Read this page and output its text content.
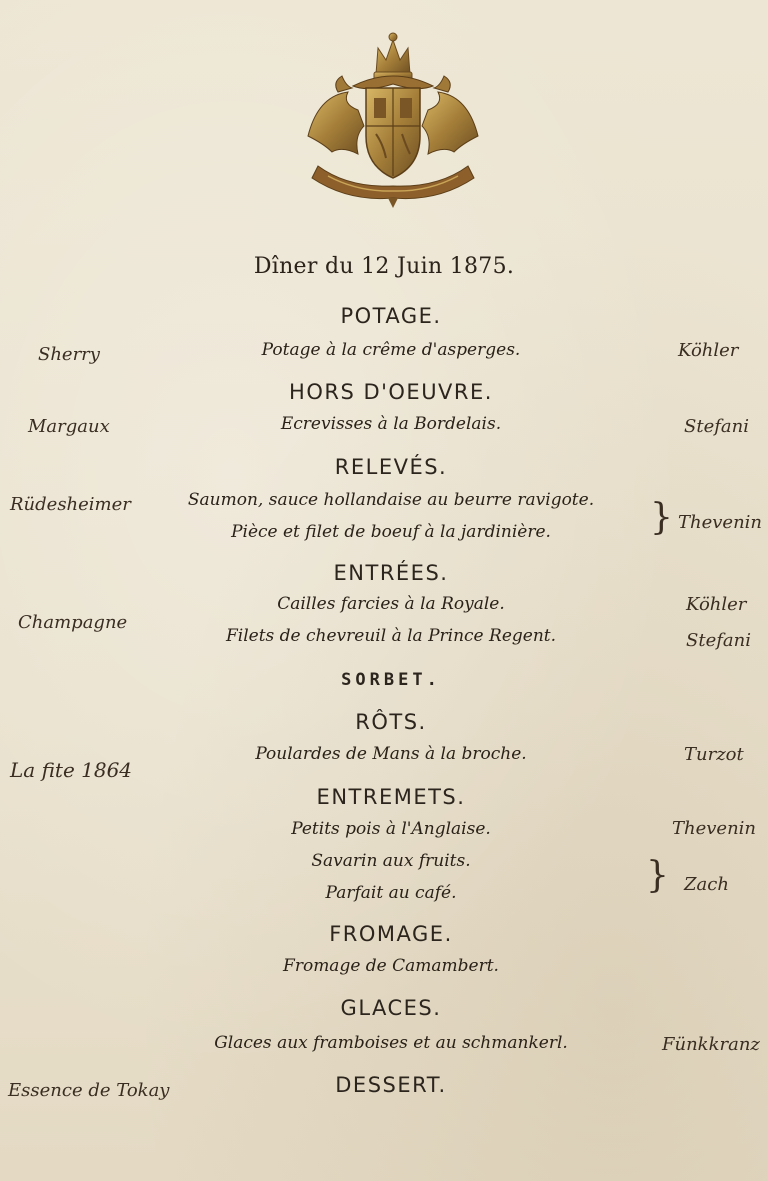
Dîner du 12 Juin 1875.
POTAGE.
Potage à la crême d'asperges.
HORS D'OEUVRE.
Ecrevisses à la Bordelais.
RELEVÉS.
Saumon, sauce hollandaise au beurre ravigote.
Pièce et filet de boeuf à la jardinière.
ENTRÉES.
Cailles farcies à la Royale.
Filets de chevreuil à la Prince Regent.
SORBET.
RÔTS.
Poulardes de Mans à la broche.
ENTREMETS.
Petits pois à l'Anglaise.
Savarin aux fruits.
Parfait au café.
FROMAGE.
Fromage de Camambert.
GLACES.
Glaces aux framboises et au schmankerl.
DESSERT.
Sherry
Margaux
Rüdesheimer
Champagne
La fite 1864
Essence de Tokay
Köhler
Stefani
} Thevenin
Köhler
Stefani
Turzot
Thevenin
} Zach
Fünkkranz
